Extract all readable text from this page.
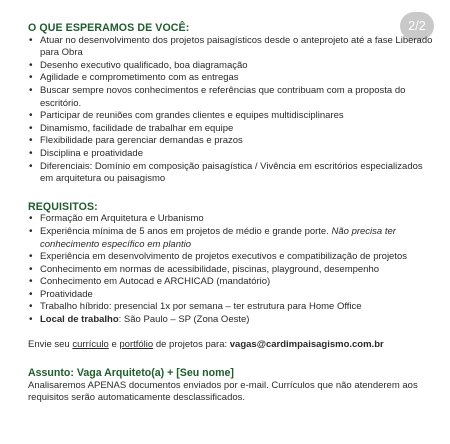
2/2
O QUE ESPERAMOS DE VOCÊ:
• Atuar no desenvolvimento dos projetos paisagísticos desde o anteprojeto até a fase Liberado para Obra
• Desenho executivo qualificado, boa diagramação
• Agilidade e comprometimento com as entregas
• Buscar sempre novos conhecimentos e referências que contribuam com a proposta do escritório.
• Participar de reuniões com grandes clientes e equipes multidisciplinares
• Dinamismo, facilidade de trabalhar em equipe
• Flexibilidade para gerenciar demandas e prazos
• Disciplina e proatividade
• Diferenciais: Domínio em composição paisagística / Vivência em escritórios especializados em arquitetura ou paisagismo
REQUISITOS:
• Formação em Arquitetura e Urbanismo
• Experiência mínima de 5 anos em projetos de médio e grande porte. Não precisa ter conhecimento específico em plantio
• Experiência em desenvolvimento de projetos executivos e compatibilização de projetos
• Conhecimento em normas de acessibilidade, piscinas, playground, desempenho
• Conhecimento em Autocad e ARCHICAD (mandatório)
• Proatividade
• Trabalho híbrido: presencial 1x por semana – ter estrutura para Home Office
• Local de trabalho: São Paulo – SP (Zona Oeste)

Envie seu currículo e portfólio de projetos para: vagas@cardimpaisagismo.com.br

Assunto: Vaga Arquiteto(a) + [Seu nome]

Analisaremos APENAS documentos enviados por e-mail. Currículos que não atenderem aos requisitos serão automaticamente desclassificados.
